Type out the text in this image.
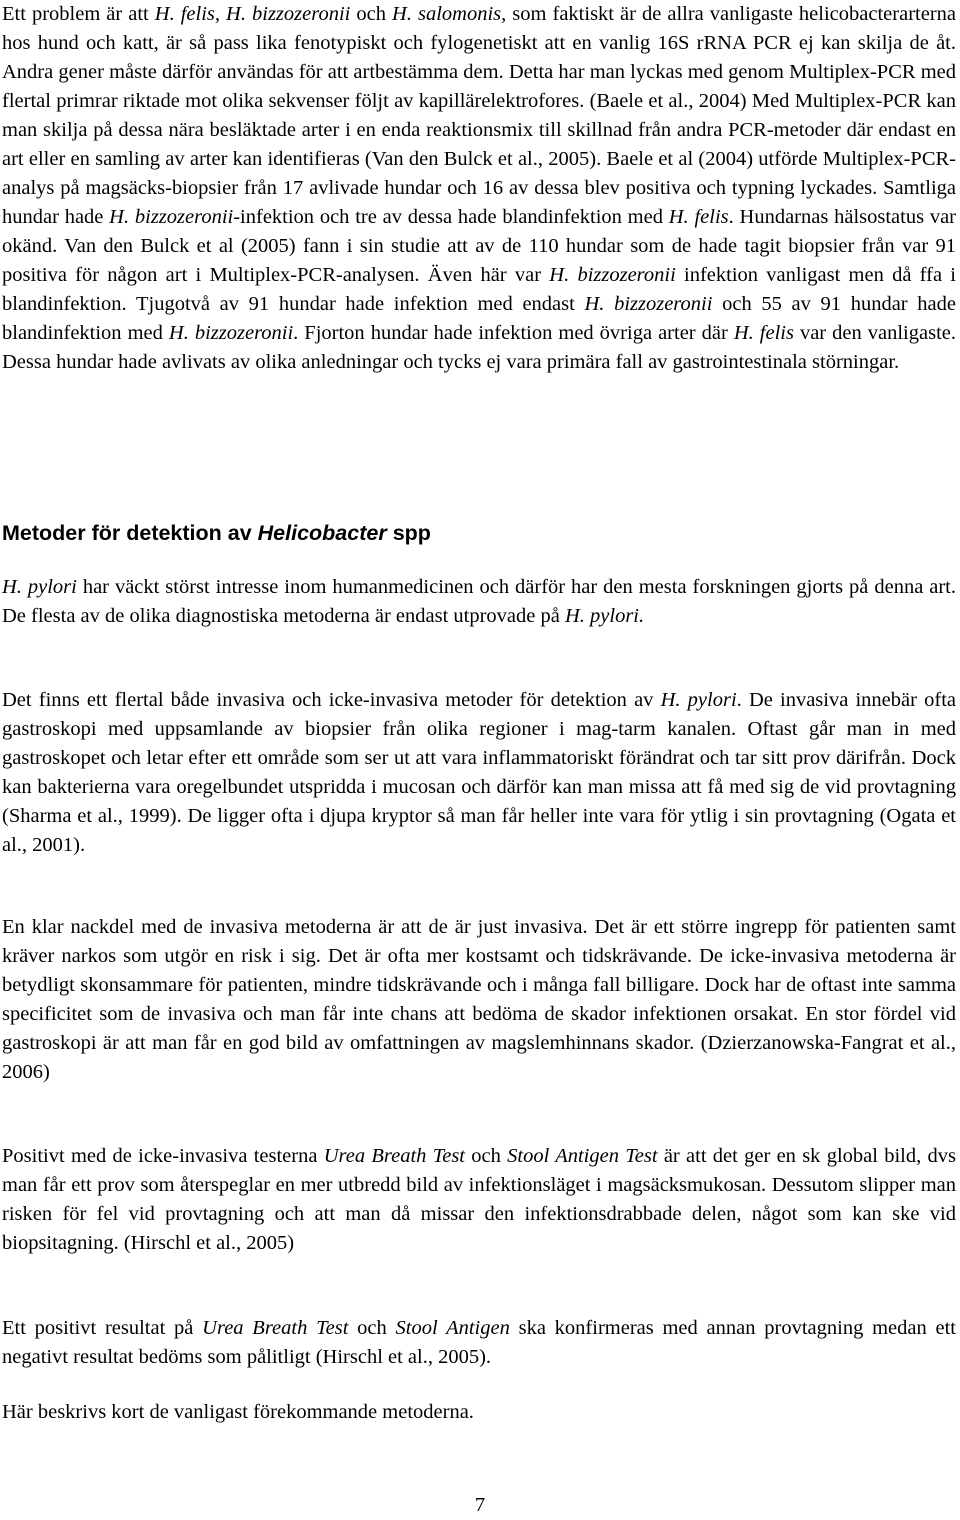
Ett problem är att H. felis, H. bizzozeronii och H. salomonis, som faktiskt är de allra vanligaste helicobacterarterna hos hund och katt, är så pass lika fenotypiskt och fylogenetiskt att en vanlig 16S rRNA PCR ej kan skilja de åt. Andra gener måste därför användas för att artbestämma dem. Detta har man lyckas med genom Multiplex-PCR med flertal primrar riktade mot olika sekvenser följt av kapillärelektrofores. (Baele et al., 2004) Med Multiplex-PCR kan man skilja på dessa nära besläktade arter i en enda reaktionsmix till skillnad från andra PCR-metoder där endast en art eller en samling av arter kan identifieras (Van den Bulck et al., 2005). Baele et al (2004) utförde Multiplex-PCR-analys på magsäcks-biopsier från 17 avlivade hundar och 16 av dessa blev positiva och typning lyckades. Samtliga hundar hade H. bizzozeronii-infektion och tre av dessa hade blandinfektion med H. felis. Hundarnas hälsostatus var okänd. Van den Bulck et al (2005) fann i sin studie att av de 110 hundar som de hade tagit biopsier från var 91 positiva för någon art i Multiplex-PCR-analysen. Även här var H. bizzozeronii infektion vanligast men då ffa i blandinfektion. Tjugotvå av 91 hundar hade infektion med endast H. bizzozeronii och 55 av 91 hundar hade blandinfektion med H. bizzozeronii. Fjorton hundar hade infektion med övriga arter där H. felis var den vanligaste. Dessa hundar hade avlivats av olika anledningar och tycks ej vara primära fall av gastrointestinala störningar.

Metoder för detektion av Helicobacter spp

H. pylori har väckt störst intresse inom humanmedicinen och därför har den mesta forskningen gjorts på denna art. De flesta av de olika diagnostiska metoderna är endast utprovade på H. pylori.

Det finns ett flertal både invasiva och icke-invasiva metoder för detektion av H. pylori. De invasiva innebär ofta gastroskopi med uppsamlande av biopsier från olika regioner i mag-tarm kanalen. Oftast går man in med gastroskopet och letar efter ett område som ser ut att vara inflammatoriskt förändrat och tar sitt prov därifrån. Dock kan bakterierna vara oregelbundet utspridda i mucosan och därför kan man missa att få med sig de vid provtagning (Sharma et al., 1999). De ligger ofta i djupa kryptor så man får heller inte vara för ytlig i sin provtagning (Ogata et al., 2001).

En klar nackdel med de invasiva metoderna är att de är just invasiva. Det är ett större ingrepp för patienten samt kräver narkos som utgör en risk i sig. Det är ofta mer kostsamt och tidskrävande. De icke-invasiva metoderna är betydligt skonsammare för patienten, mindre tidskrävande och i många fall billigare. Dock har de oftast inte samma specificitet som de invasiva och man får inte chans att bedöma de skador infektionen orsakat. En stor fördel vid gastroskopi är att man får en god bild av omfattningen av magslemhinnans skador. (Dzierzanowska-Fangrat et al., 2006)

Positivt med de icke-invasiva testerna Urea Breath Test och Stool Antigen Test är att det ger en sk global bild, dvs man får ett prov som återspeglar en mer utbredd bild av infektionsläget i magsäcksmukosan. Dessutom slipper man risken för fel vid provtagning och att man då missar den infektionsdrabbade delen, något som kan ske vid biopsitagning. (Hirschl et al., 2005)

Ett positivt resultat på Urea Breath Test och Stool Antigen ska konfirmeras med annan provtagning medan ett negativt resultat bedöms som pålitligt (Hirschl et al., 2005).

Här beskrivs kort de vanligast förekommande metoderna.

7
